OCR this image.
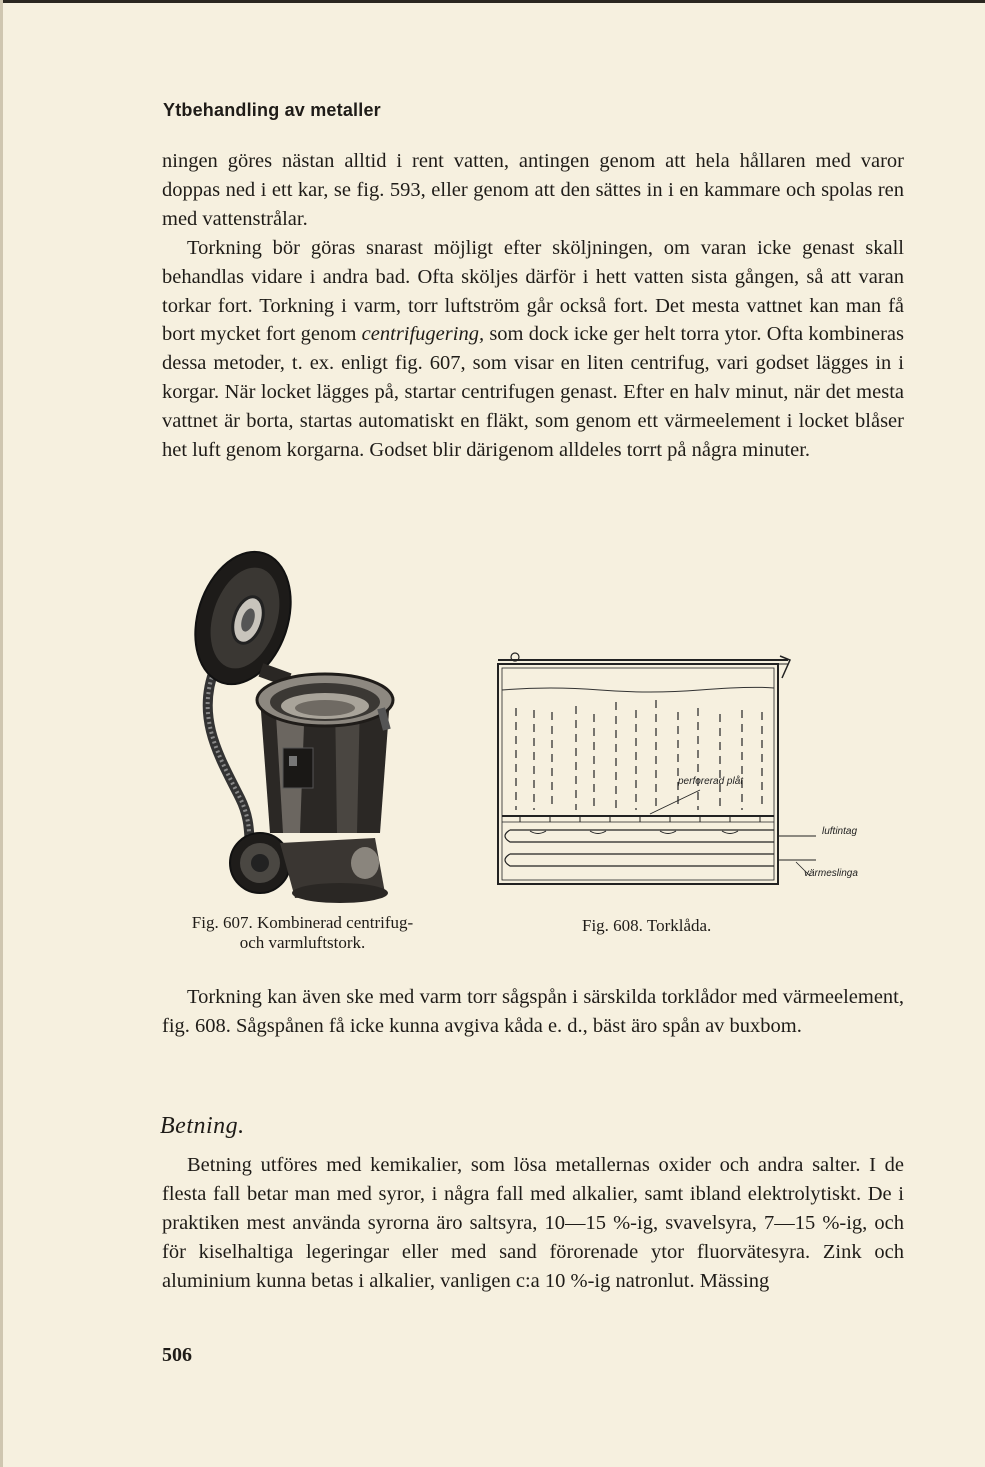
Ytbehandling av metaller

ningen göres nästan alltid i rent vatten, antingen genom att hela hållaren med varor doppas ned i ett kar, se fig. 593, eller genom att den sättes in i en kammare och spolas ren med vattenstrålar.

Torkning bör göras snarast möjligt efter sköljningen, om varan icke genast skall behandlas vidare i andra bad. Ofta sköljes därför i hett vatten sista gången, så att varan torkar fort. Torkning i varm, torr luftström går också fort. Det mesta vattnet kan man få bort mycket fort genom centrifugering, som dock icke ger helt torra ytor. Ofta kombineras dessa metoder, t. ex. enligt fig. 607, som visar en liten centrifug, vari godset lägges in i korgar. När locket lägges på, startar centrifugen genast. Efter en halv minut, när det mesta vattnet är borta, startas automatiskt en fläkt, som genom ett värmeelement i locket blåser het luft genom korgarna. Godset blir därigenom alldeles torrt på några minuter.

perforerad plåt
luftintag
värmeslinga
Fig. 607. Kombinerad centrifug- och varmluftstork.
Fig. 608. Torklåda.

Torkning kan även ske med varm torr sågspån i särskilda torklådor med värmeelement, fig. 608. Sågspånen få icke kunna avgiva kåda e. d., bäst äro spån av buxbom.

Betning.

Betning utföres med kemikalier, som lösa metallernas oxider och andra salter. I de flesta fall betar man med syror, i några fall med alkalier, samt ibland elektrolytiskt. De i praktiken mest använda syrorna äro saltsyra, 10—15 %-ig, svavelsyra, 7—15 %-ig, och för kiselhaltiga legeringar eller med sand förorenade ytor fluorvätesyra. Zink och aluminium kunna betas i alkalier, vanligen c:a 10 %-ig natronlut. Mässing

506
